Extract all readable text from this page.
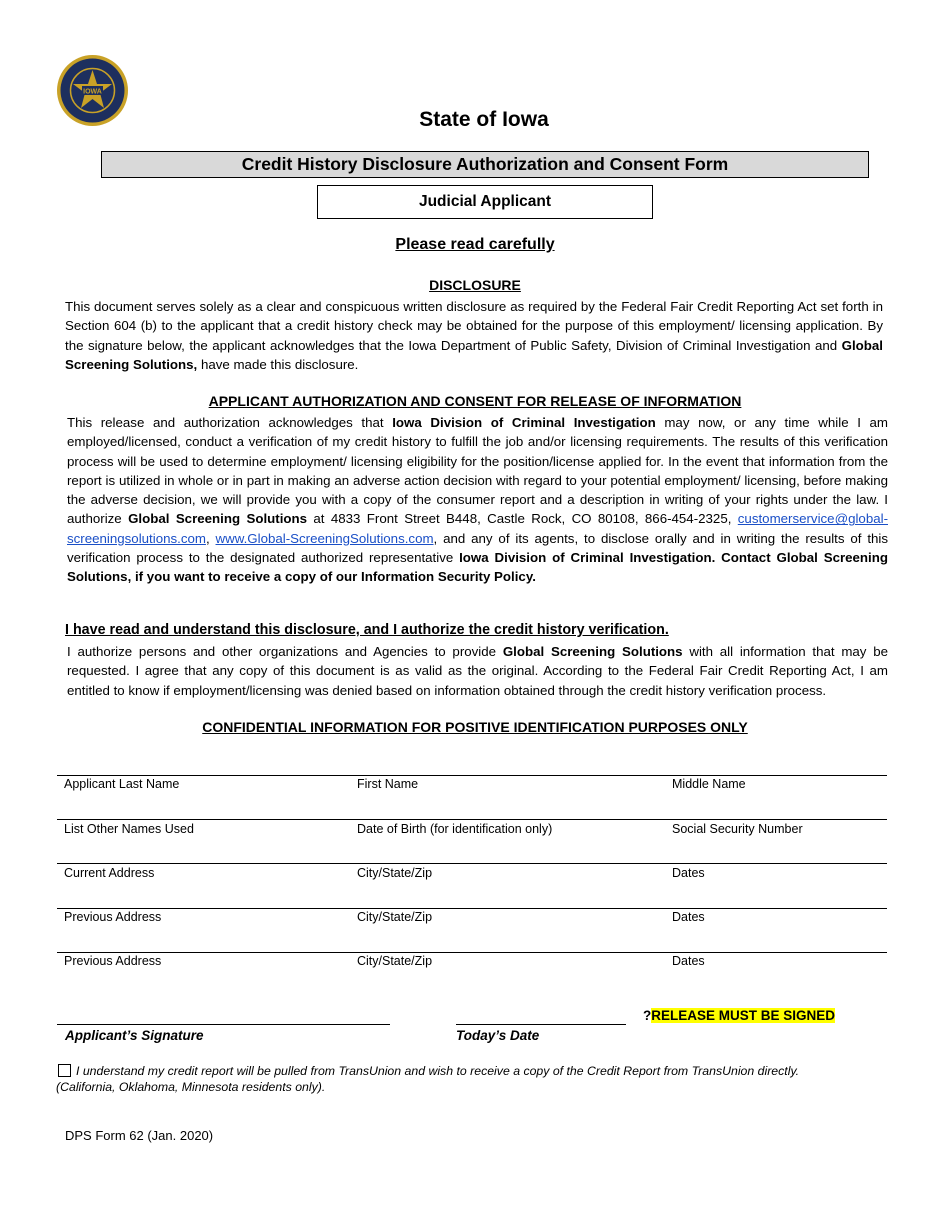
IOWA
State of Iowa
Credit History Disclosure Authorization and Consent Form
Judicial Applicant
Please read carefully
DISCLOSURE
This document serves solely as a clear and conspicuous written disclosure as required by the Federal Fair Credit Reporting Act set forth in Section 604 (b) to the applicant that a credit history check may be obtained for the purpose of this employment/ licensing application. By the signature below, the applicant acknowledges that the Iowa Department of Public Safety, Division of Criminal Investigation and Global Screening Solutions, have made this disclosure.
APPLICANT AUTHORIZATION AND CONSENT FOR RELEASE OF INFORMATION
This release and authorization acknowledges that Iowa Division of Criminal Investigation may now, or any time while I am employed/licensed, conduct a verification of my credit history to fulfill the job and/or licensing requirements. The results of this verification process will be used to determine employment/ licensing eligibility for the position/license applied for. In the event that information from the report is utilized in whole or in part in making an adverse action decision with regard to your potential employment/ licensing, before making the adverse decision, we will provide you with a copy of the consumer report and a description in writing of your rights under the law. I authorize Global Screening Solutions at 4833 Front Street B448, Castle Rock, CO 80108, 866-454-2325, customerservice@global-screeningsolutions.com, www.Global-ScreeningSolutions.com, and any of its agents, to disclose orally and in writing the results of this verification process to the designated authorized representative Iowa Division of Criminal Investigation. Contact Global Screening Solutions, if you want to receive a copy of our Information Security Policy.
I have read and understand this disclosure, and I authorize the credit history verification.
I authorize persons and other organizations and Agencies to provide Global Screening Solutions with all information that may be requested. I agree that any copy of this document is as valid as the original. According to the Federal Fair Credit Reporting Act, I am entitled to know if employment/licensing was denied based on information obtained through the credit history verification process.
CONFIDENTIAL INFORMATION FOR POSITIVE IDENTIFICATION PURPOSES ONLY
Applicant Last Name	First Name	Middle Name
List Other Names Used	Date of Birth (for identification only)	Social Security Number
Current Address	City/State/Zip	Dates
Previous Address	City/State/Zip	Dates
Previous Address	City/State/Zip	Dates
?RELEASE MUST BE SIGNED
Applicant’s Signature	Today’s Date
I understand my credit report will be pulled from TransUnion and wish to receive a copy of the Credit Report from TransUnion directly.
(California, Oklahoma, Minnesota residents only).
DPS Form 62 (Jan. 2020)
